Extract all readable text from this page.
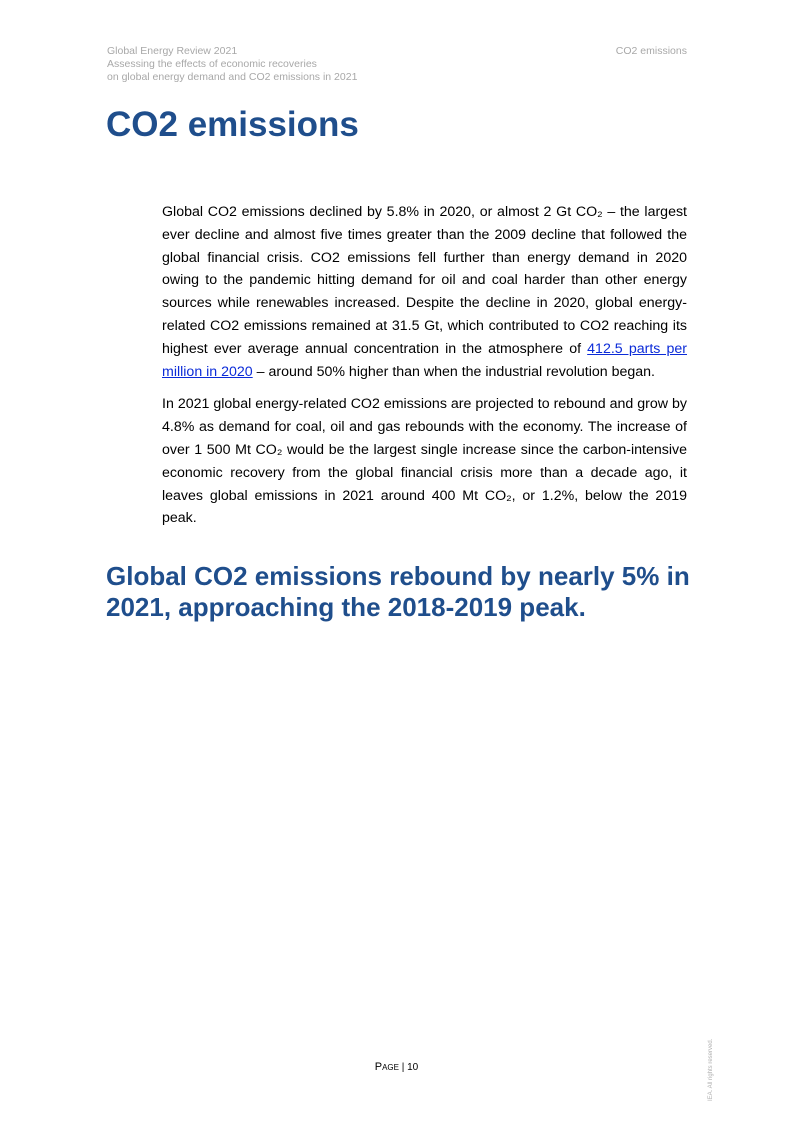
Global Energy Review 2021
Assessing the effects of economic recoveries
on global energy demand and CO2 emissions in 2021
CO2 emissions
CO2 emissions

Global CO2 emissions declined by 5.8% in 2020, or almost 2 Gt CO₂ – the largest ever decline and almost five times greater than the 2009 decline that followed the global financial crisis. CO2 emissions fell further than energy demand in 2020 owing to the pandemic hitting demand for oil and coal harder than other energy sources while renewables increased. Despite the decline in 2020, global energy-related CO2 emissions remained at 31.5 Gt, which contributed to CO2 reaching its highest ever average annual concentration in the atmosphere of 412.5 parts per million in 2020 – around 50% higher than when the industrial revolution began.

In 2021 global energy-related CO2 emissions are projected to rebound and grow by 4.8% as demand for coal, oil and gas rebounds with the economy. The increase of over 1 500 Mt CO₂ would be the largest single increase since the carbon-intensive economic recovery from the global financial crisis more than a decade ago, it leaves global emissions in 2021 around 400 Mt CO₂, or 1.2%, below the 2019 peak.

Global CO2 emissions rebound by nearly 5% in 2021, approaching the 2018-2019 peak.
Page | 10	IEA. All rights reserved.
